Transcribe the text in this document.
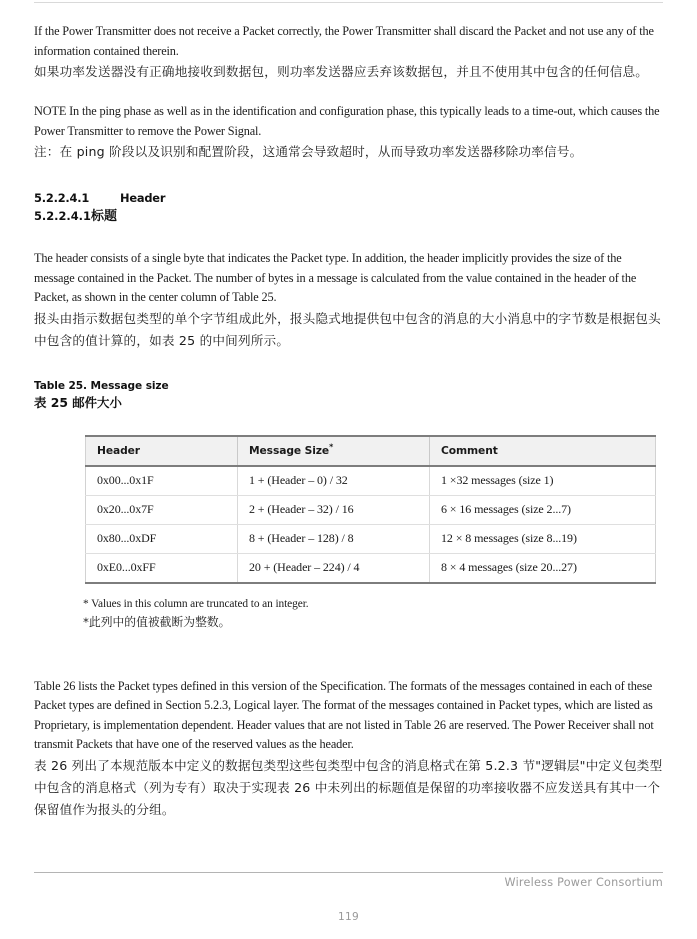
If the Power Transmitter does not receive a Packet correctly, the Power Transmitter shall discard the Packet and not use any of the information contained therein.

如果功率发送器没有正确地接收到数据包，则功率发送器应丢弃该数据包，并且不使用其中包含的任何信息。

NOTE In the ping phase as well as in the identification and configuration phase, this typically leads to a time-out, which causes the Power Transmitter to remove the Power Signal.

注：在 ping 阶段以及识别和配置阶段，这通常会导致超时，从而导致功率发送器移除功率信号。

5.2.2.4.1	Header
5.2.2.4.1标题

The header consists of a single byte that indicates the Packet type. In addition, the header implicitly provides the size of the message contained in the Packet. The number of bytes in a message is calculated from the value contained in the header of the Packet, as shown in the center column of Table 25.

报头由指示数据包类型的单个字节组成此外，报头隐式地提供包中包含的消息的大小消息中的字节数是根据包头中包含的值计算的，如表 25 的中间列所示。

Table 25. Message size
表 25 邮件大小
Header	Message Size*	Comment
0x00...0x1F	1 + (Header – 0) / 32	1 ×32 messages (size 1)
0x20...0x7F	2 + (Header – 32) / 16	6 × 16 messages (size 2...7)
0x80...0xDF	8 + (Header – 128) / 8	12 × 8 messages (size 8...19)
0xE0...0xFF	20 + (Header – 224) / 4	8 × 4 messages (size 20...27)
* Values in this column are truncated to an integer.
*此列中的值被截断为整数。

Table 26 lists the Packet types defined in this version of the Specification. The formats of the messages contained in each of these Packet types are defined in Section 5.2.3, Logical layer. The format of the messages contained in Packet types, which are listed as Proprietary, is implementation dependent. Header values that are not listed in Table 26 are reserved. The Power Receiver shall not transmit Packets that have one of the reserved values as the header.

表 26 列出了本规范版本中定义的数据包类型这些包类型中包含的消息格式在第 5.2.3 节"逻辑层"中定义包类型中包含的消息格式（列为专有）取决于实现表 26 中未列出的标题值是保留的功率接收器不应发送具有其中一个保留值作为报头的分组。

Wireless Power Consortium
119
